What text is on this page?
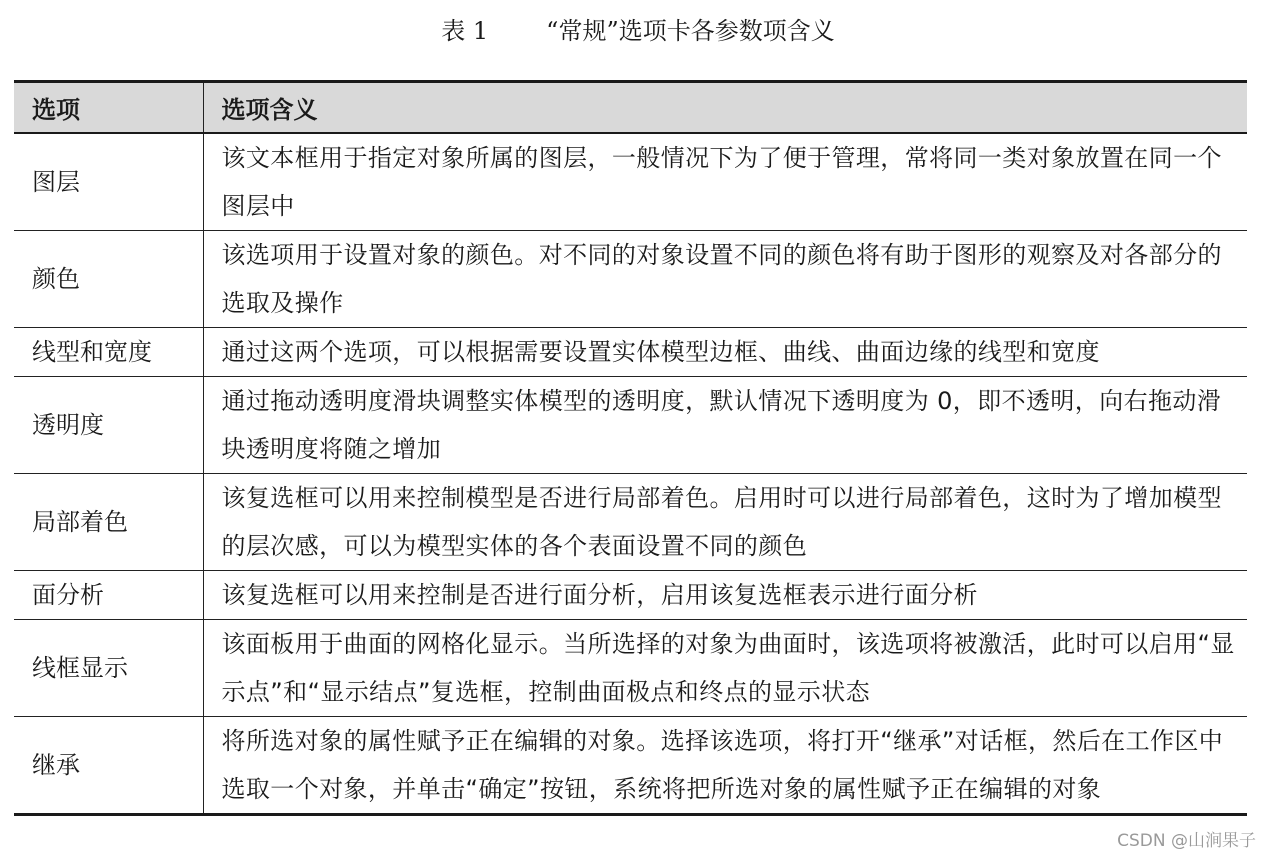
表 1 “常规”选项卡各参数项含义
选项	选项含义
图层	该文本框用于指定对象所属的图层，一般情况下为了便于管理，常将同一类对象放置在同一个图层中
颜色	该选项用于设置对象的颜色。对不同的对象设置不同的颜色将有助于图形的观察及对各部分的选取及操作
线型和宽度	通过这两个选项，可以根据需要设置实体模型边框、曲线、曲面边缘的线型和宽度
透明度	通过拖动透明度滑块调整实体模型的透明度，默认情况下透明度为 0，即不透明，向右拖动滑块透明度将随之增加
局部着色	该复选框可以用来控制模型是否进行局部着色。启用时可以进行局部着色，这时为了增加模型的层次感，可以为模型实体的各个表面设置不同的颜色
面分析	该复选框可以用来控制是否进行面分析，启用该复选框表示进行面分析
线框显示	该面板用于曲面的网格化显示。当所选择的对象为曲面时，该选项将被激活，此时可以启用“显示点”和“显示结点”复选框，控制曲面极点和终点的显示状态
继承	将所选对象的属性赋予正在编辑的对象。选择该选项，将打开“继承”对话框，然后在工作区中选取一个对象，并单击“确定”按钮，系统将把所选对象的属性赋予正在编辑的对象
CSDN @山涧果子
